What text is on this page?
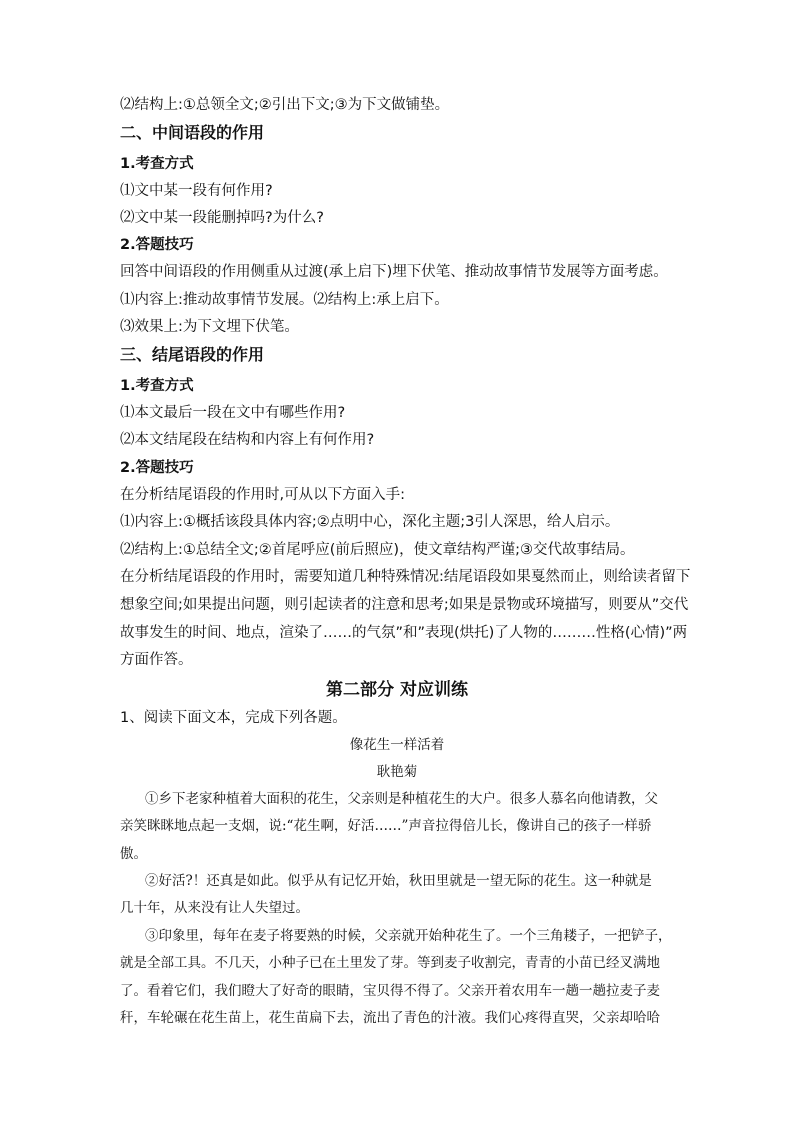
⑵结构上:①总领全文;②引出下文;③为下文做铺垫。
二、中间语段的作用
1.考查方式
⑴文中某一段有何作用?
⑵文中某一段能删掉吗?为什么?
2.答题技巧
回答中间语段的作用侧重从过渡(承上启下)埋下伏笔、推动故事情节发展等方面考虑。
⑴内容上:推动故事情节发展。⑵结构上:承上启下。
⑶效果上:为下文埋下伏笔。
三、结尾语段的作用
1.考查方式
⑴本文最后一段在文中有哪些作用?
⑵本文结尾段在结构和内容上有何作用?
2.答题技巧
在分析结尾语段的作用时,可从以下方面入手:
⑴内容上:①概括该段具体内容;②点明中心，深化主题;3引人深思，给人启示。
⑵结构上:①总结全文;②首尾呼应(前后照应)，使文章结构严谨;③交代故事结局。
在分析结尾语段的作用时，需要知道几种特殊情况:结尾语段如果戛然而止，则给读者留下
想象空间;如果提出问题，则引起读者的注意和思考;如果是景物或环境描写，则要从”交代
故事发生的时间、地点，渲染了……的气氛”和”表现(烘托)了人物的………性格(心情)”两
方面作答。
第二部分 对应训练
1、阅读下面文本，完成下列各题。
像花生一样活着
耿艳菊
①乡下老家种植着大面积的花生，父亲则是种植花生的大户。很多人慕名向他请教，父
亲笑眯眯地点起一支烟，说:“花生啊，好活……”声音拉得倍儿长，像讲自己的孩子一样骄
傲。
②好活?！还真是如此。似乎从有记忆开始，秋田里就是一望无际的花生。这一种就是
几十年，从来没有让人失望过。
③印象里，每年在麦子将要熟的时候，父亲就开始种花生了。一个三角耧子，一把铲子，
就是全部工具。不几天，小种子已在土里发了芽。等到麦子收割完，青青的小苗已经叉满地
了。看着它们，我们瞪大了好奇的眼睛，宝贝得不得了。父亲开着农用车一趟一趟拉麦子麦
秆，车轮碾在花生苗上，花生苗扁下去，流出了青色的汁液。我们心疼得直哭，父亲却哈哈
